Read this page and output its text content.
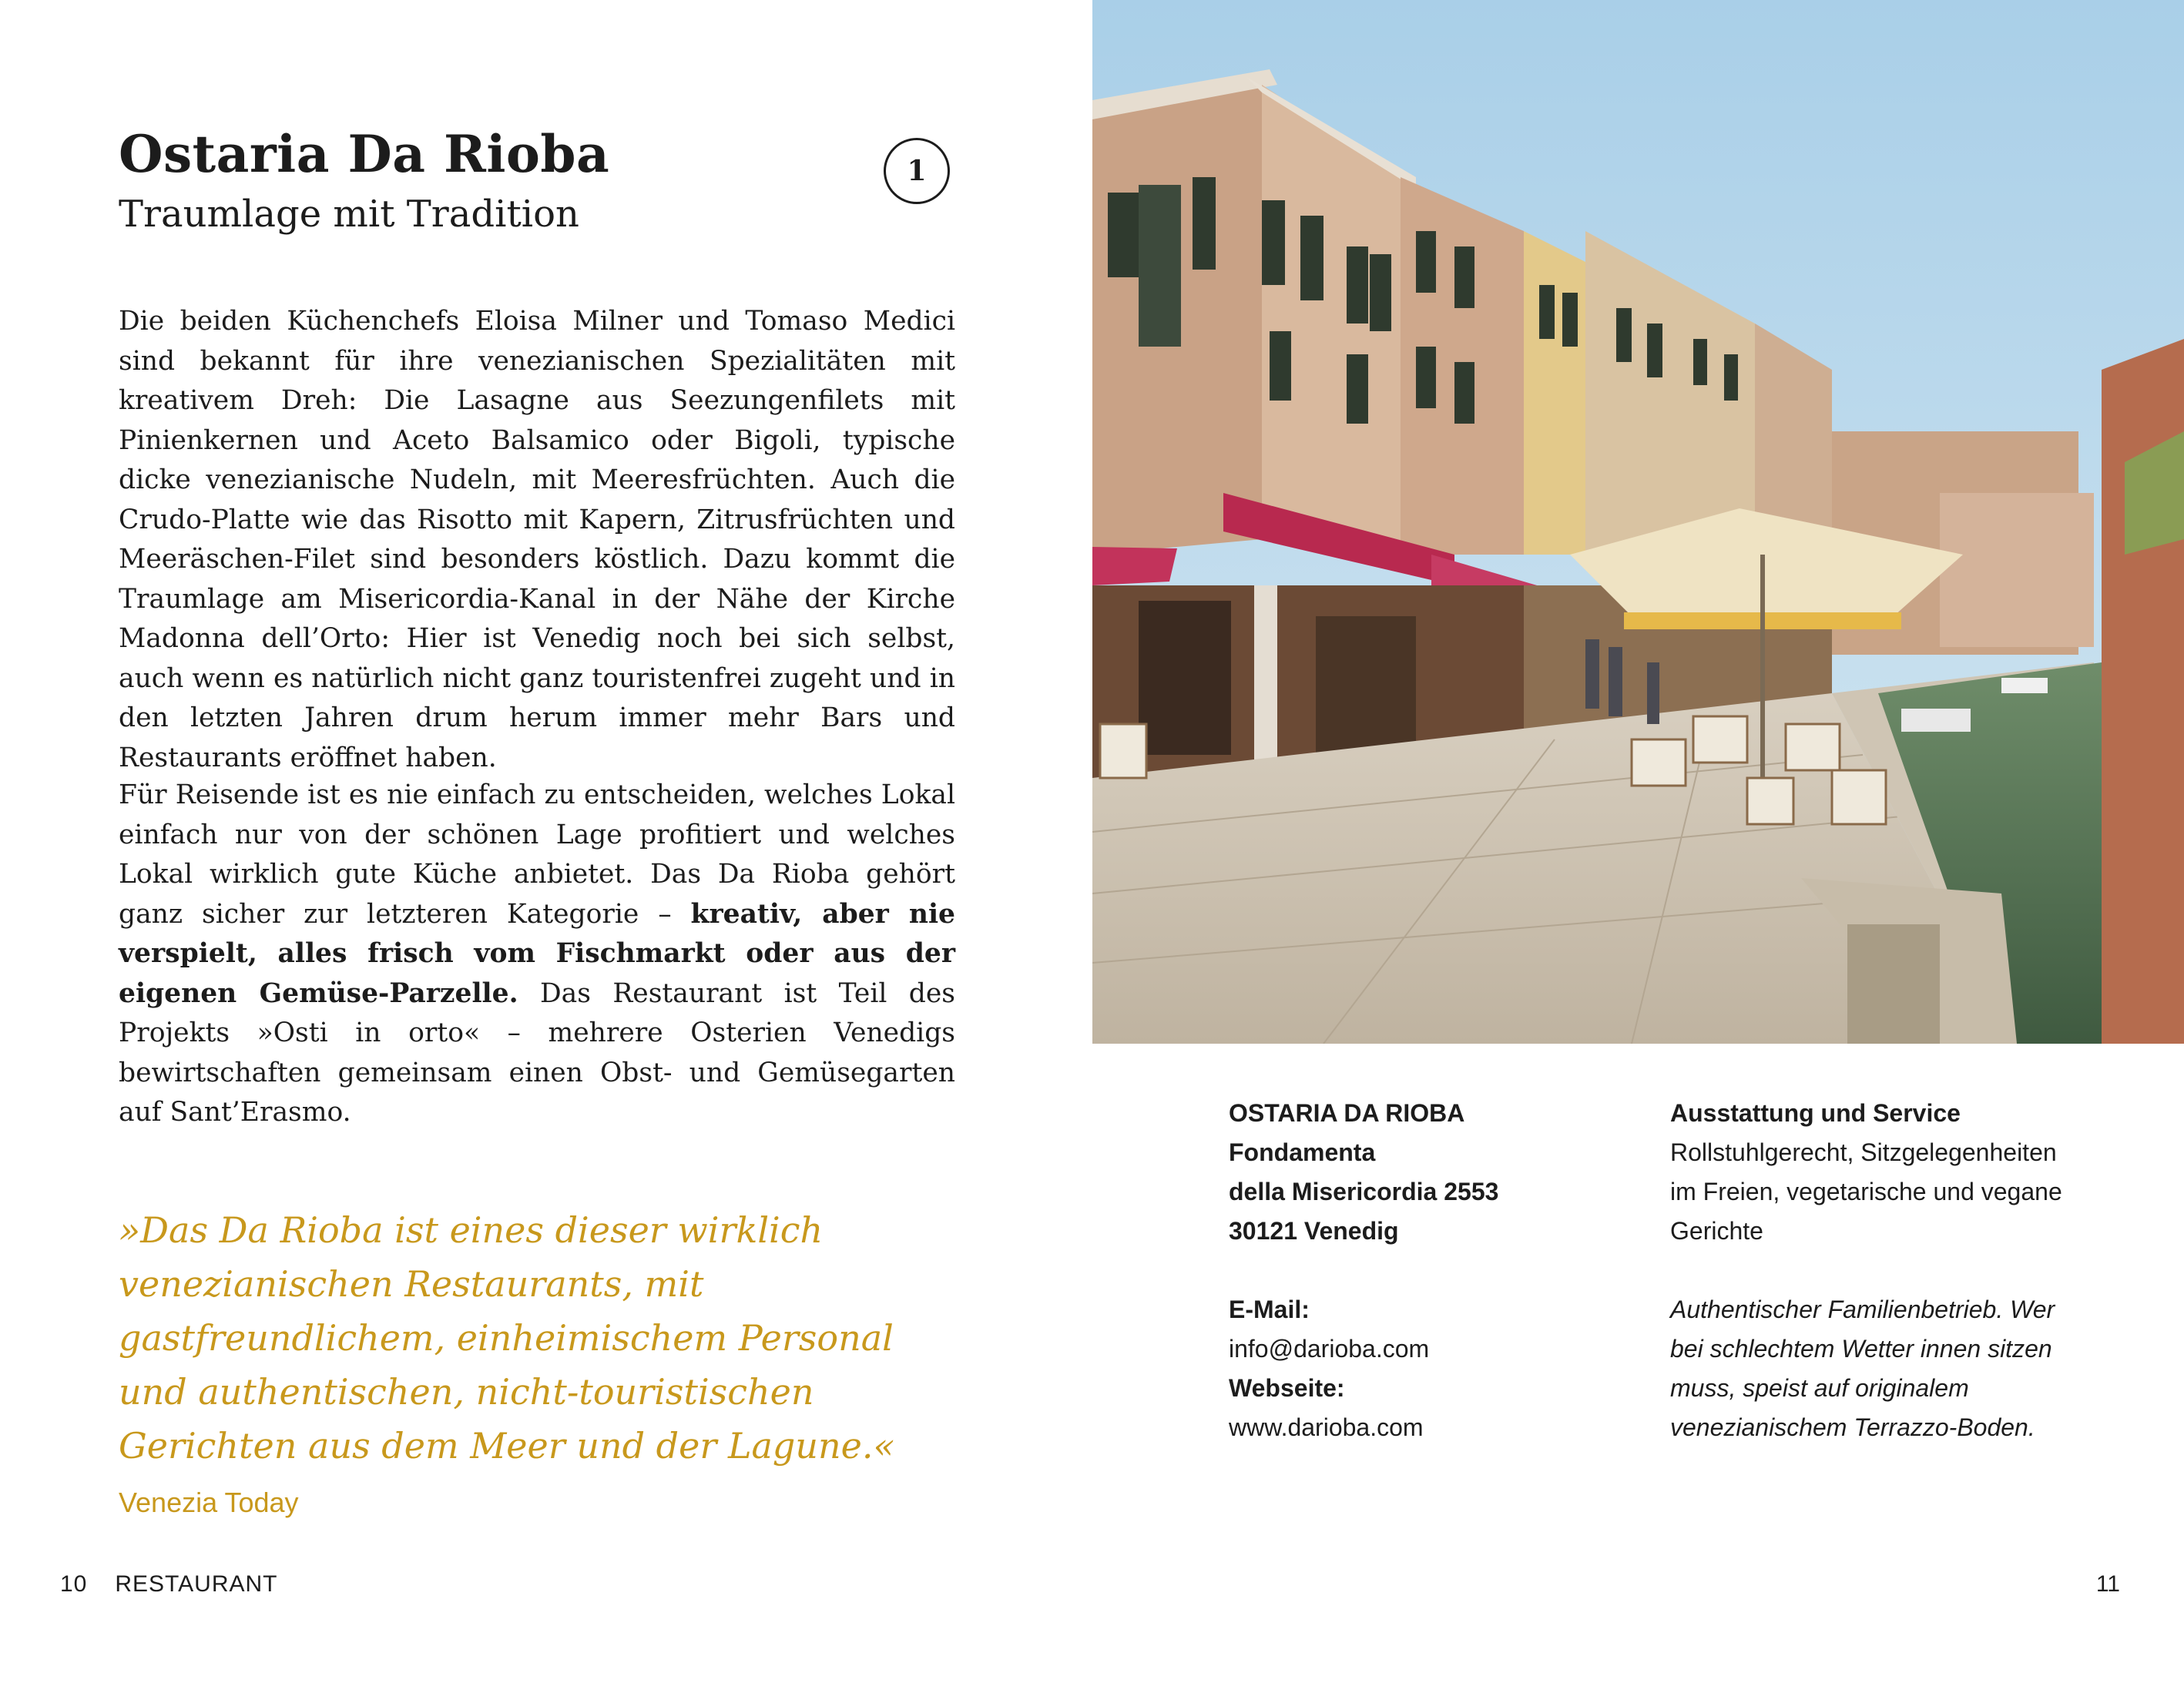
Ostaria Da Rioba
Traumlage mit Tradition
1

Die beiden Küchenchefs Eloisa Milner und Tomaso Medici sind bekannt für ihre venezianischen Spezialitäten mit kreativem Dreh: Die Lasagne aus Seezungenfilets mit Pinienkernen und Aceto Balsamico oder Bigoli, typische dicke venezianische Nudeln, mit Meeresfrüchten. Auch die Crudo-Platte wie das Risotto mit Kapern, Zitrusfrüchten und Meeräschen-Filet sind besonders köstlich. Dazu kommt die Traumlage am Misericordia-Kanal in der Nähe der Kirche Madonna dell’Orto: Hier ist Venedig noch bei sich selbst, auch wenn es natürlich nicht ganz touristenfrei zugeht und in den letzten Jahren drum herum immer mehr Bars und Restaurants eröffnet haben.

Für Reisende ist es nie einfach zu entscheiden, welches Lokal einfach nur von der schönen Lage profitiert und welches Lokal wirklich gute Küche anbietet. Das Da Rioba gehört ganz sicher zur letzteren Kategorie – kreativ, aber nie verspielt, alles frisch vom Fischmarkt oder aus der eigenen Gemüse-Parzelle. Das Restaurant ist Teil des Projekts »Osti in orto« – mehrere Osterien Venedigs bewirtschaften gemeinsam einen Obst- und Gemüsegarten auf Sant’Erasmo.

»Das Da Rioba ist eines dieser wirklich venezianischen Restaurants, mit gastfreundlichem, einheimischem Personal und authentischen, nicht-touristischen Gerichten aus dem Meer und der Lagune.« Venezia Today

10 RESTAURANT
OSTARIA DA RIOBA
Fondamenta
della Misericordia 2553
30121 Venedig
E-Mail:
info@darioba.com
Webseite:
www.darioba.com
Ausstattung und Service
Rollstuhlgerecht, Sitzgelegenheiten im Freien, vegetarische und vegane Gerichte
Authentischer Familienbetrieb. Wer bei schlechtem Wetter innen sitzen muss, speist auf originalem venezianischem Terrazzo-Boden.
11
